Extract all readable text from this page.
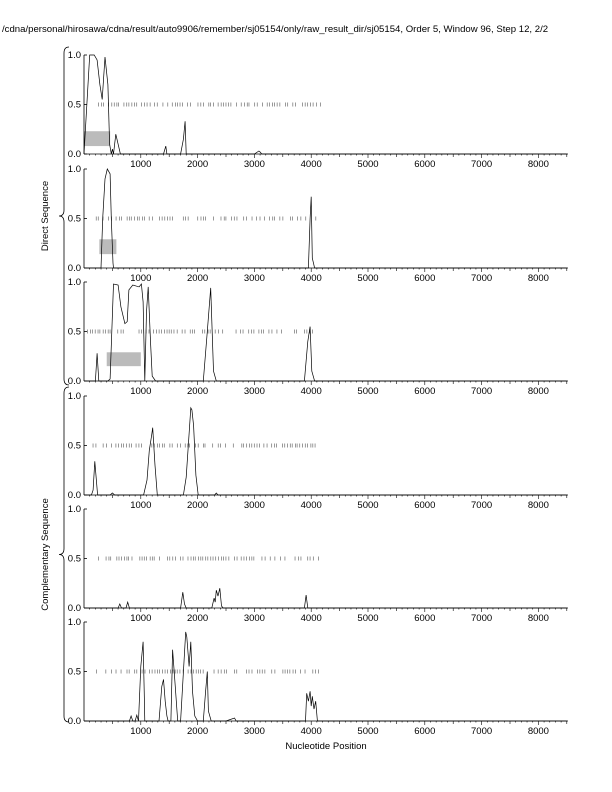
/cdna/personal/hirosawa/cdna/result/auto9906/remember/sj05154/only/raw_result_dir/sj05154, Order 5, Window 96, Step 12, 2/2
0.0
0.5
1.0
1000	2000	3000	4000	5000	6000	7000	8000
0.0
0.5
1.0
1000	2000	3000	4000	5000	6000	7000	8000
0.0
0.5
1.0
1000	2000	3000	4000	5000	6000	7000	8000
0.0
0.5
1.0
1000	2000	3000	4000	5000	6000	7000	8000
0.0
0.5
1.0
1000	2000	3000	4000	5000	6000	7000	8000
0.0
0.5
1.0
1000	2000	3000	4000	5000	6000	7000	8000
Direct Sequence
Complementary Sequence
Nucleotide Position
